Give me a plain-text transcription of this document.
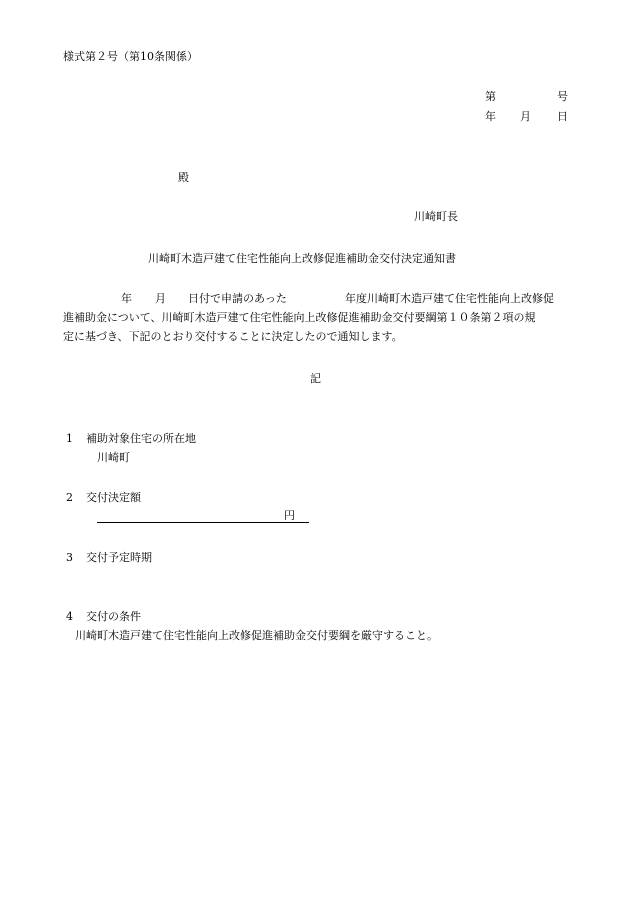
様式第２号（第10条関係）
第	号
年 月 日
殿
川崎町長
川崎町木造戸建て住宅性能向上改修促進補助金交付決定通知書
年 月 日付で申請のあった	年度川崎町木造戸建て住宅性能向上改修促
進補助金について、川崎町木造戸建て住宅性能向上改修促進補助金交付要綱第１０条第２項の規
定に基づき、下記のとおり交付することに決定したので通知します。
記
1 補助対象住宅の所在地
川崎町
2 交付決定額
円
3 交付予定時期
4 交付の条件
川崎町木造戸建て住宅性能向上改修促進補助金交付要綱を厳守すること。
